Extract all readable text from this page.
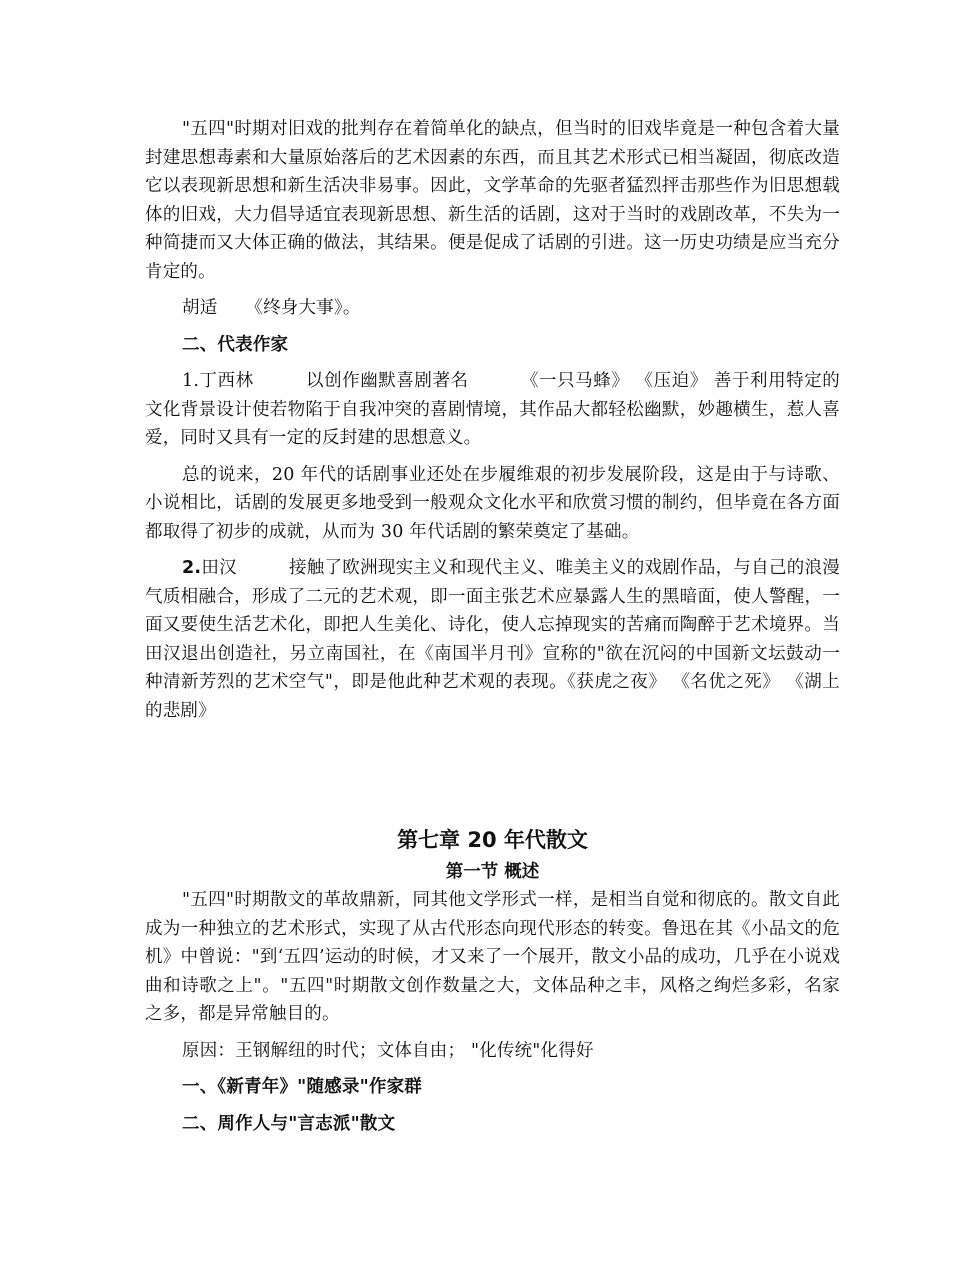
"五四"时期对旧戏的批判存在着简单化的缺点，但当时的旧戏毕竟是一种包含着大量封建思想毒素和大量原始落后的艺术因素的东西，而且其艺术形式已相当凝固，彻底改造它以表现新思想和新生活决非易事。因此，文学革命的先驱者猛烈抨击那些作为旧思想载体的旧戏，大力倡导适宜表现新思想、新生活的话剧，这对于当时的戏剧改革，不失为一种简捷而又大体正确的做法，其结果。便是促成了话剧的引进。这一历史功绩是应当充分肯定的。

胡适 《终身大事》。

二、代表作家

1.丁西林	以创作幽默喜剧著名	《一只马蜂》 《压迫》 善于利用特定的文化背景设计使若物陷于自我冲突的喜剧情境，其作品大都轻松幽默，妙趣横生，惹人喜爱，同时又具有一定的反封建的思想意义。

总的说来，20 年代的话剧事业还处在步履维艰的初步发展阶段，这是由于与诗歌、小说相比，话剧的发展更多地受到一般观众文化水平和欣赏习惯的制约，但毕竟在各方面都取得了初步的成就，从而为 30 年代话剧的繁荣奠定了基础。

2.田汉	接触了欧洲现实主义和现代主义、唯美主义的戏剧作品，与自己的浪漫气质相融合，形成了二元的艺术观，即一面主张艺术应暴露人生的黑暗面，使人警醒，一面又要使生活艺术化，即把人生美化、诗化，使人忘掉现实的苦痛而陶醉于艺术境界。当田汉退出创造社，另立南国社，在《南国半月刊》宣称的"欲在沉闷的中国新文坛鼓动一种清新芳烈的艺术空气"，即是他此种艺术观的表现。《获虎之夜》 《名优之死》 《湖上的悲剧》

第七章 20 年代散文
第一节 概述

"五四"时期散文的革故鼎新，同其他文学形式一样，是相当自觉和彻底的。散文自此成为一种独立的艺术形式，实现了从古代形态向现代形态的转变。鲁迅在其《小品文的危机》中曾说："到‘五四’运动的时候，才又来了一个展开，散文小品的成功，几乎在小说戏曲和诗歌之上"。"五四"时期散文创作数量之大，文体品种之丰，风格之绚烂多彩，名家之多，都是异常触目的。

原因：王钢解纽的时代；文体自由； "化传统"化得好

一、《新青年》"随感录"作家群

二、周作人与"言志派"散文
